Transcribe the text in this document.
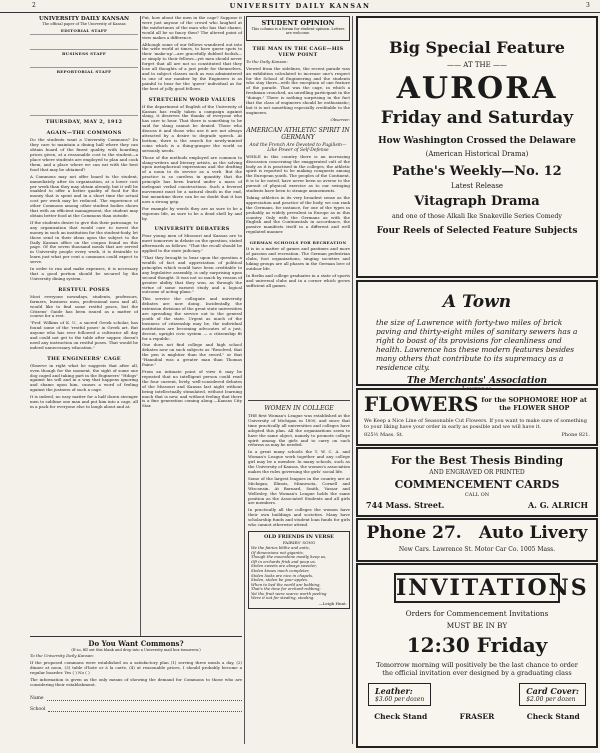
2	UNIVERSITY DAILY KANSAN	3
UNIVERSITY DAILY KANSAN

The official paper of The University of Kansas

EDITORIAL STAFF
BUSINESS STAFF
REPORTORIAL STAFF
THURSDAY, MAY 2, 1912
AGAIN—THE COMMONS

Do the students want a University Commons? Do they care to maintain a dining hall where they can obtain board of the finest quality, with boarding prices given, at a reasonable cost to the student—a place where students are employed to plan and cook them, and a place where we can eat with the best food that may be obtained?

A Commons may not offer board to the student, immediately after its organization, at a lower cost per week than they may obtain already, but it will be enabled to offer a better quality of food for the money that is spent and in a short time the actual cost per week may be reduced. The experience of other Commons among other student bodies shows that with an efficient management, the student may obtain better food at the Commons than outside.

If the students desire to give this their patronage, to any organization that would care to invest the money in such an institution for the student-body, let those send in their ideas upon the subject to the Daily Kansan office on the coupon found on this page. Of the seven thousand meals that are served in University people every week, it is desirable to learn just what per cent a commons could expect to serve.

In order to run and make expenses, it is necessary that a good portion should be secured by the University dining system.

RESTFUL POSES

Most everyone nowadays, students, professors, farmers, business men, professional men and all, would like to find some restful poses, but the Citizens' Guide has been issued as a matter of course for a rest.

"Prof. Wilkins of K. U., a sacred Greek scholar, has found some of the 'restful poses' in Greek art. But anyone who has ever followed a cultivator all day and could not get to the table after supper, doesn't need any instruction on restful poses. That would be indeed unnecessary education."

THE ENGINEERS' CAGE

Observe in right what he suggests that after all, even though for the moment, the sight of some one dog caged and taking part in the Engineers' "Hdogs" against his will and in a way that happens ignoring and shame upon him, causes a word of feeling against the justness of such a cage.

It is indeed, no easy matter for a half dozen stronger men to sublime one man and put him into a cage, all in a pack for everyone else to laugh about and at.

Do You Want Commons?

(If so, fill out this blank and drop into a University mail box tomorrow.)

To the University Daily Kansan:

If the proposed commons were established on a satisfactory plan (1) serving three meals a day, (2) dinner at noon, (3) table d'hote or à la carte, (4) at reasonable prices, I should probably become a regular boarder. Yes ( ) No ( )

The information is given as the only means of showing the demand for Commons to those who are considering their establishment.

Name
School

Put, how about the men in the cage? Suppose it were just anyone of the crowd who laughed at the misfortunes of the man who has that shame, would all be so fancy then? The altered point of view makes a difference.

Although some of our fellows wandered out into the wide world at times, to have queer spots to their 'make-up'—are gracefully dubbed foolish—or simply to their fellows—yet men should never forget that all are not so constituted that they lose all thoughts of a just pride for themselves, and to subject classes such as was administered to one of our number by the Engineers is as painful to bear for the 'queer' individual as for the best of jolly good fellows.

STRETCHEN WORD VALUES

If the department of English of the University of Kansas has really taken a campaign against slang, it deserves the thanks of everyone who has care to hear. That there is something to be said for slang cannot be denied. Those who discuss it and those who use it are not always attracted by a desire to degrade speech. At bottom, there is the search for newly-minted coins which is a thing-grasper the world so seriously needs.

Those of the methods employed are common to slang-writers and literary artists, as the solving upon metaphorical expressions and the drafting of a noun to do service as a verb. But the practice is so careless in quantity that the principle has been buried under a mass of inelegant verbal constructions. Such a fevered movement must be a natural death in the end, but meantime there can be no doubt that it has now a strong grip.

For example by words they are as sure to be a vigorous life, as sure to be a dead shell by and by.

UNIVERSITY DEBATERS

Four young men of Missouri and Kansas are to meet tomorrow in debate on the question, stated afterwards as follows: "That the recall should be applied to the state judiciary."

"That they brought to bear upon the question a wealth of fact and appreciation of political principles which would have been creditable to any legislative assembly, is only surprising upon second thought. It was not so much by reason of greater ability that they won, as through the virtue of some earnest study and a logical outcome of acting plans."

This service the collegiate and university debates are now doing. Incidentally, the extension divisions of the great state universities are spreading the service out to the general youth of the state. Urgent as much of the business of citizenship may be, the individual institutions are becoming advocates of a just, decent, upright civic system — a citizenship fit for a republic.

One does not find college and high school debates now on such subjects as "Resolved, that the pen is mightier than the sword," or that "Hannibal was a greater man than Thomas Paine."

From an intimate point of view it may be repeated that no intelligent person could read the four current, lively, well-considered debates of the Missouri and Kansas last night without being intellectually stimulated, without learning much that is new, and without feeling that there is a fine generation coming along.—Kansas City Star.

STUDENT OPINION

This column is a forum for student opinion. Letters are welcome.

THE MAN IN THE CAGE—HIS VIEW POINT

To the Daily Kansan:

Viewed from the sidelines, the recent parade was an exhibition calculated to increase one's respect for the School of Engineering and the students who stay there—with the exception of one feature of the parade. That was the cage, in which a freshman crouched, an unwilling participant in the "doings." There is nothing surprising in the fact that the class of engineers should be enthusiastic; but it is not something especially creditable to the engineers.

Observer.

AMERICAN ATHLETIC SPIRIT IN GERMANY
And the French Are Devoted to Pugilism—Like Power of Self-Defense

WHILE in this country there is an increasing discussion concerning the exaggerated cult of the body as it is practised in the colleges, the athletic spirit is reported to be making conquests among the European youth. The peoples of the Continent, it is to be noted, have never been so averse to the pursuit of physical exercise as to our swinging students have been to strange amusements.

Taking athletics in its very broadest sense as the appreciation and practice of the body, we can rank the Germans, for instance, for one of the types in probably as widely prevalent in Europe as in this country. Only with the Germans as with the English and the Continentals in accordance, the passive manifests itself in a different and well regulated manner.

GERMAN SCHOOLS FOR RECREATION

It is in a matter of games and pastimes and more of passion and recreation. The German pedestrian clubs, foot organizations, singing societies and hiking groups are all phases in the German love of outdoor life.

In Berlin and college graduates in a state of sports and universal clubs and in a corner which grows sufficient all games.

WOMEN IN COLLEGE

THE first Woman's League was established at the University of Michigan in 1890, and since that time practically all universities and colleges have adopted this plan. All the organizations seem to have the same object, namely to promote college spirit among the girls and to carry on such reforms as may be needed.

In a great many schools the Y. W. C. A. and Woman's League work together and any college girl may be a member. In many schools, such as the University of Kansas, the women's association makes the rules governing the girls' social life.

Some of the largest leagues in the country are at Michigan, Illinois, Minnesota, Cornell and Wisconsin. At Barnard, Smith, Vassar and Wellesley, the Woman's League holds the same position as the Associated Students and all girls are members.

In practically all the colleges the women have their own buildings and societies. Many have scholarship funds and student loan funds for girls who cannot otherwise attend.

OLD FRIENDS IN VERSE
FAIRIES' SONG
We the fairies blithe and antic,
Of dimensions not gigantic,
Though the moonshine mostly keep us,
Oft in orchards frisk and peep us.
Stolen sweets are always sweeter,
Stolen kisses much completer,
Stolen looks are nice in chapels,
Stolen, stolen be your apples.
When to bed the world are bobbing,
That's the time for orchard-robbing;
Yet the fruit were scarce worth peeling
Were it not for stealing, stealing.
—Leigh Hunt.
Big Special Feature
—— AT THE ——
AURORA
Friday and Saturday
How Washington Crossed the Delaware
(American Historical Drama)
Pathe's Weekly—No. 12
Latest Release
Vitagraph Drama
and one of those Alkali Ike Snakeville Series Comedy
Four Reels of Selected Feature Subjects
A Town
the size of Lawrence with forty-two miles of brick paving and thirty-eight miles of sanitary sewers has a right to boast of its provisions for cleanliness and health. Lawrence has these modern features besides many others that contribute to its supremacy as a residence city.
The Merchants' Association
FLOWERS for the SOPHOMORE HOP at the FLOWER SHOP
We Keep a Nice Line of Seasonable Cut Flowers. If you want to make sure of something to your liking have your order in early as possible and we will have it.
825½ Mass. St.	Phone 821.
For the Best Thesis Binding
AND ENGRAVED OR PRINTED
COMMENCEMENT CARDS
CALL ON
744 Mass. Street.	A. G. ALRICH
Phone 27. Auto Livery
New Cars. Lawrence St. Motor Car Co. 1005 Mass.
INVITATIONS
Orders for Commencement Invitations
MUST BE IN BY
12:30 Friday
Tomorrow morning will positively be the last chance to order the official invitation ever designed by a graduating class
Leather:
$3.60 per dozen
Card Cover:
$2.00 per dozen
Check Stand	FRASER	Check Stand
